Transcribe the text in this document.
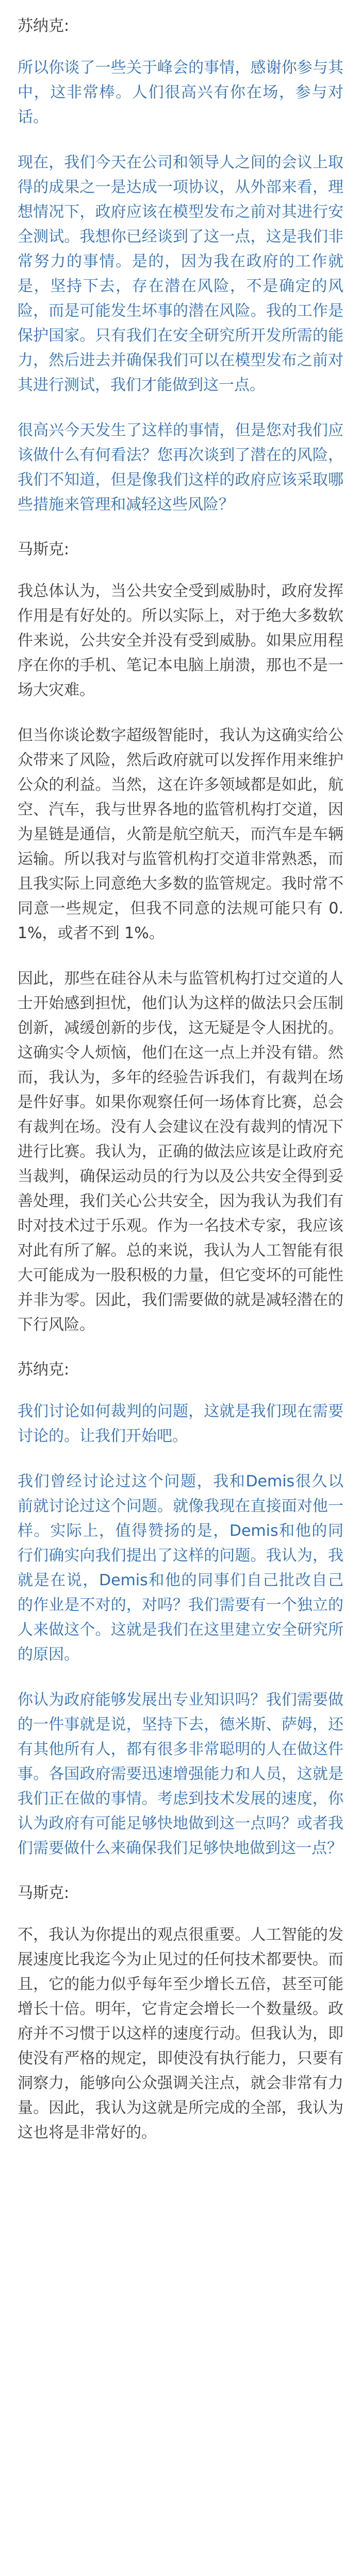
苏纳克:

所以你谈了一些关于峰会的事情，感谢你参与其中，这非常棒。人们很高兴有你在场，参与对话。

现在，我们今天在公司和领导人之间的会议上取得的成果之一是达成一项协议，从外部来看，理想情况下，政府应该在模型发布之前对其进行安全测试。我想你已经谈到了这一点，这是我们非常努力的事情。是的，因为我在政府的工作就是，坚持下去，存在潜在风险，不是确定的风险，而是可能发生坏事的潜在风险。我的工作是保护国家。只有我们在安全研究所开发所需的能力，然后进去并确保我们可以在模型发布之前对其进行测试，我们才能做到这一点。

很高兴今天发生了这样的事情，但是您对我们应该做什么有何看法？您再次谈到了潜在的风险，我们不知道，但是像我们这样的政府应该采取哪些措施来管理和减轻这些风险？

马斯克:

我总体认为，当公共安全受到威胁时，政府发挥作用是有好处的。所以实际上，对于绝大多数软件来说，公共安全并没有受到威胁。如果应用程序在你的手机、笔记本电脑上崩溃，那也不是一场大灾难。

但当你谈论数字超级智能时，我认为这确实给公众带来了风险，然后政府就可以发挥作用来维护公众的利益。当然，这在许多领域都是如此，航空、汽车，我与世界各地的监管机构打交道，因为星链是通信，火箭是航空航天，而汽车是车辆运输。所以我对与监管机构打交道非常熟悉，而且我实际上同意绝大多数的监管规定。我时常不同意一些规定，但我不同意的法规可能只有 0.1%，或者不到 1%。

因此，那些在硅谷从未与监管机构打过交道的人士开始感到担忧，他们认为这样的做法只会压制创新，减缓创新的步伐，这无疑是令人困扰的。这确实令人烦恼，他们在这一点上并没有错。然而，我认为，多年的经验告诉我们，有裁判在场是件好事。如果你观察任何一场体育比赛，总会有裁判在场。没有人会建议在没有裁判的情况下进行比赛。我认为，正确的做法应该是让政府充当裁判，确保运动员的行为以及公共安全得到妥善处理，我们关心公共安全，因为我认为我们有时对技术过于乐观。作为一名技术专家，我应该对此有所了解。总的来说，我认为人工智能有很大可能成为一股积极的力量，但它变坏的可能性并非为零。因此，我们需要做的就是减轻潜在的下行风险。

苏纳克:

我们讨论如何裁判的问题，这就是我们现在需要讨论的。让我们开始吧。

我们曾经讨论过这个问题，我和Demis很久以前就讨论过这个问题。就像我现在直接面对他一样。实际上，值得赞扬的是，Demis和他的同行们确实向我们提出了这样的问题。我认为，我就是在说，Demis和他的同事们自己批改自己的作业是不对的，对吗？我们需要有一个独立的人来做这个。这就是我们在这里建立安全研究所的原因。

你认为政府能够发展出专业知识吗？我们需要做的一件事就是说，坚持下去，德米斯、萨姆，还有其他所有人，都有很多非常聪明的人在做这件事。各国政府需要迅速增强能力和人员，这就是我们正在做的事情。考虑到技术发展的速度，你认为政府有可能足够快地做到这一点吗？或者我们需要做什么来确保我们足够快地做到这一点？

马斯克:

不，我认为你提出的观点很重要。人工智能的发展速度比我迄今为止见过的任何技术都要快。而且，它的能力似乎每年至少增长五倍，甚至可能增长十倍。明年，它肯定会增长一个数量级。政府并不习惯于以这样的速度行动。但我认为，即使没有严格的规定，即使没有执行能力，只要有洞察力，能够向公众强调关注点，就会非常有力量。因此，我认为这就是所完成的全部，我认为这也将是非常好的。
